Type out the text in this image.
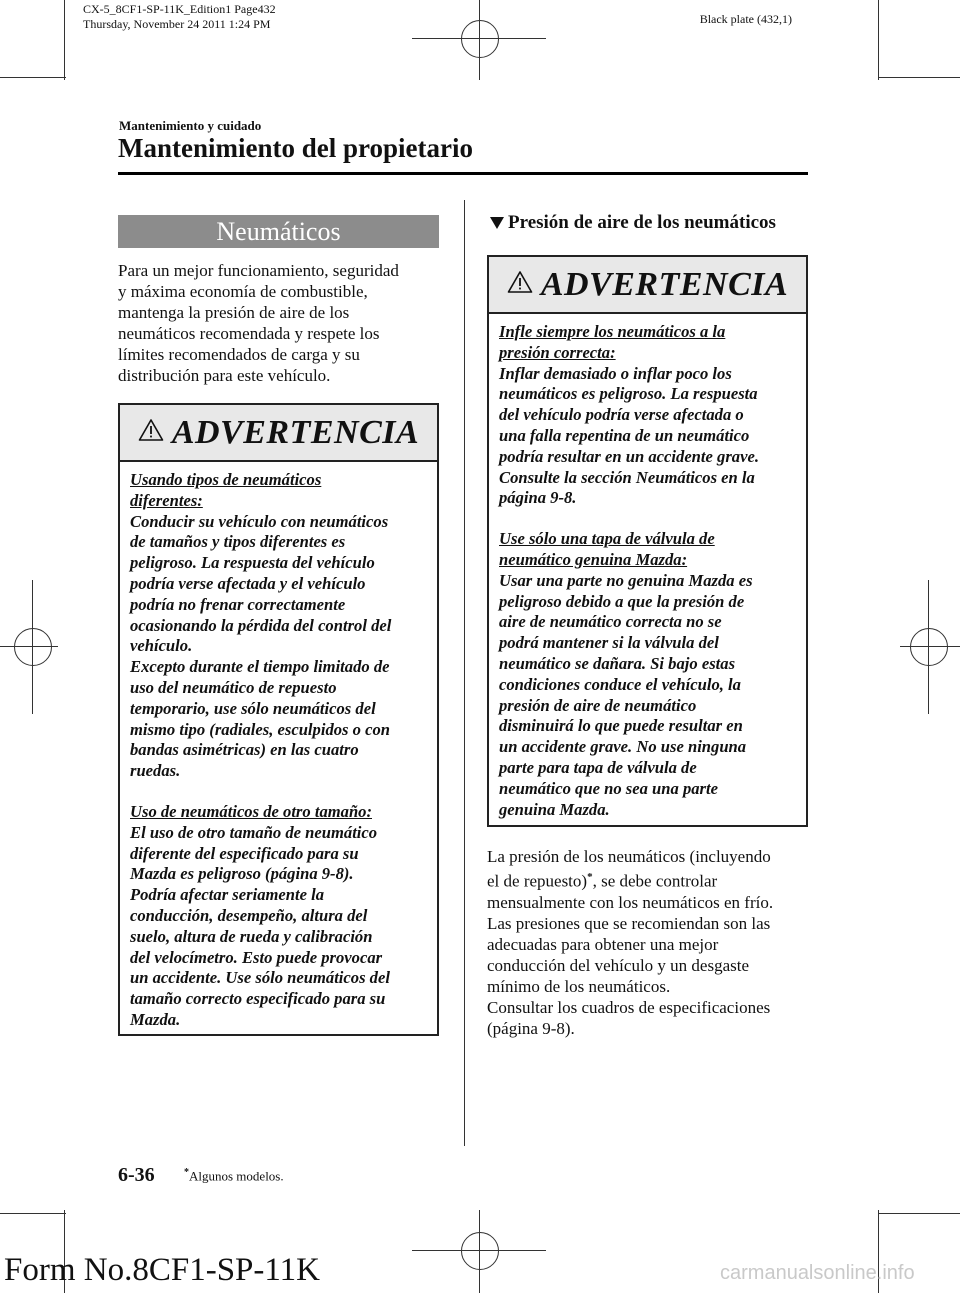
CX-5_8CF1-SP-11K_Edition1 Page432
Thursday, November 24 2011 1:24 PM	Black plate (432,1)
Mantenimiento y cuidado
Mantenimiento del propietario
Neumáticos
Para un mejor funcionamiento, seguridad
y máxima economía de combustible,
mantenga la presión de aire de los
neumáticos recomendada y respete los
límites recomendados de carga y su
distribución para este vehículo.
ADVERTENCIA
Usando tipos de neumáticos
diferentes:
Conducir su vehículo con neumáticos
de tamaños y tipos diferentes es
peligroso. La respuesta del vehículo
podría verse afectada y el vehículo
podría no frenar correctamente
ocasionando la pérdida del control del
vehículo.
Excepto durante el tiempo limitado de
uso del neumático de repuesto
temporario, use sólo neumáticos del
mismo tipo (radiales, esculpidos o con
bandas asimétricas) en las cuatro
ruedas.
Uso de neumáticos de otro tamaño:
El uso de otro tamaño de neumático
diferente del especificado para su
Mazda es peligroso (página 9-8).
Podría afectar seriamente la
conducción, desempeño, altura del
suelo, altura de rueda y calibración
del velocímetro. Esto puede provocar
un accidente. Use sólo neumáticos del
tamaño correcto especificado para su
Mazda.
Presión de aire de los neumáticos
ADVERTENCIA
Infle siempre los neumáticos a la
presión correcta:
Inflar demasiado o inflar poco los
neumáticos es peligroso. La respuesta
del vehículo podría verse afectada o
una falla repentina de un neumático
podría resultar en un accidente grave.
Consulte la sección Neumáticos en la
página 9-8.
Use sólo una tapa de válvula de
neumático genuina Mazda:
Usar una parte no genuina Mazda es
peligroso debido a que la presión de
aire de neumático correcta no se
podrá mantener si la válvula del
neumático se dañara. Si bajo estas
condiciones conduce el vehículo, la
presión de aire de neumático
disminuirá lo que puede resultar en
un accidente grave. No use ninguna
parte para tapa de válvula de
neumático que no sea una parte
genuina Mazda.
La presión de los neumáticos (incluyendo
el de repuesto)*, se debe controlar
mensualmente con los neumáticos en frío.
Las presiones que se recomiendan son las
adecuadas para obtener una mejor
conducción del vehículo y un desgaste
mínimo de los neumáticos.
Consultar los cuadros de especificaciones
(página 9-8).
6-36	*Algunos modelos.
Form No.8CF1-SP-11K	carmanualsonline.info
